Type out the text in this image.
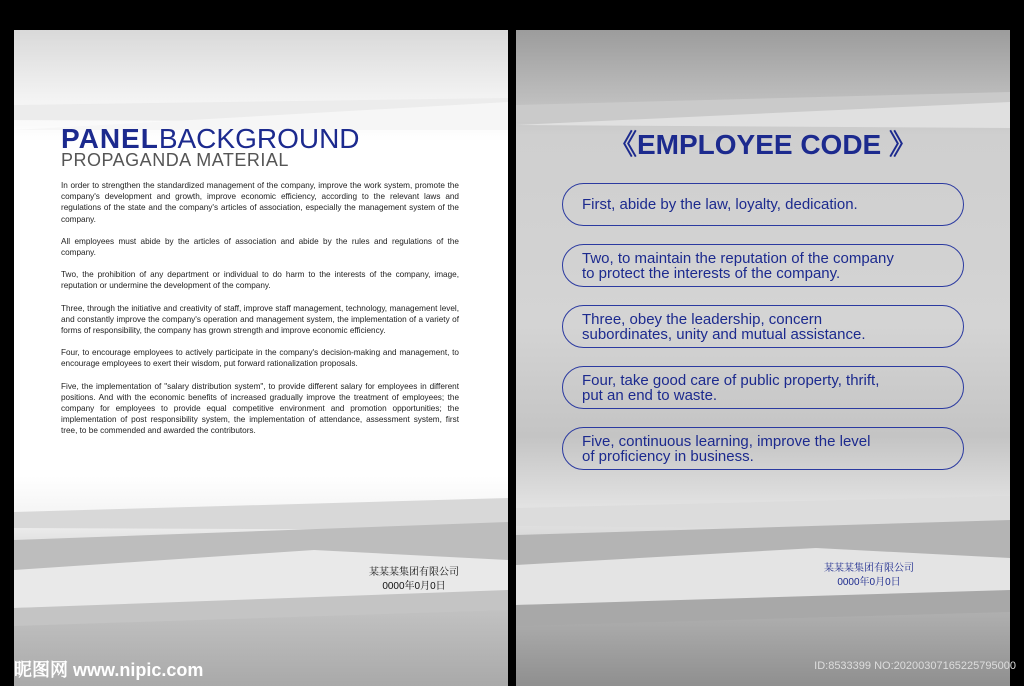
PANELBACKGROUND
PROPAGANDA MATERIAL

In order to strengthen the standardized management of the company, improve the work system, promote the company's development and growth, improve economic efficiency, according to the relevant laws and regulations of the state and the company's articles of association, especially the management system of the company.

All employees must abide by the articles of association and abide by the rules and regulations of the company.

Two, the prohibition of any department or individual to do harm to the interests of the company, image, reputation or undermine the development of the company.

Three, through the initiative and creativity of staff, improve staff management, technology, management level, and constantly improve the company's operation and management system, the implementation of a variety of forms of responsibility, the company has grown strength and improve economic efficiency.

Four, to encourage employees to actively participate in the company's decision-making and management, to encourage employees to exert their wisdom, put forward rationalization proposals.

Five, the implementation of "salary distribution system", to provide different salary for employees in different positions. And with the economic benefits of increased gradually improve the treatment of employees; the company for employees to provide equal competitive environment and promotion opportunities; the implementation of post responsibility system, the implementation of attendance, assessment system, first tree, to be commended and awarded the contributors.

某某某集团有限公司
0000年0月0日
《EMPLOYEE CODE 》
First, abide by the law, loyalty, dedication.
Two, to maintain the reputation of the company
to protect the interests of the company.
Three, obey the leadership, concern
subordinates, unity and mutual assistance.
Four, take good care of public property, thrift,
put an end to waste.
Five, continuous learning, improve the level
of proficiency in business.
某某某集团有限公司
0000年0月0日
昵图网 www.nipic.com	ID:8533399 NO:20200307165225795000
